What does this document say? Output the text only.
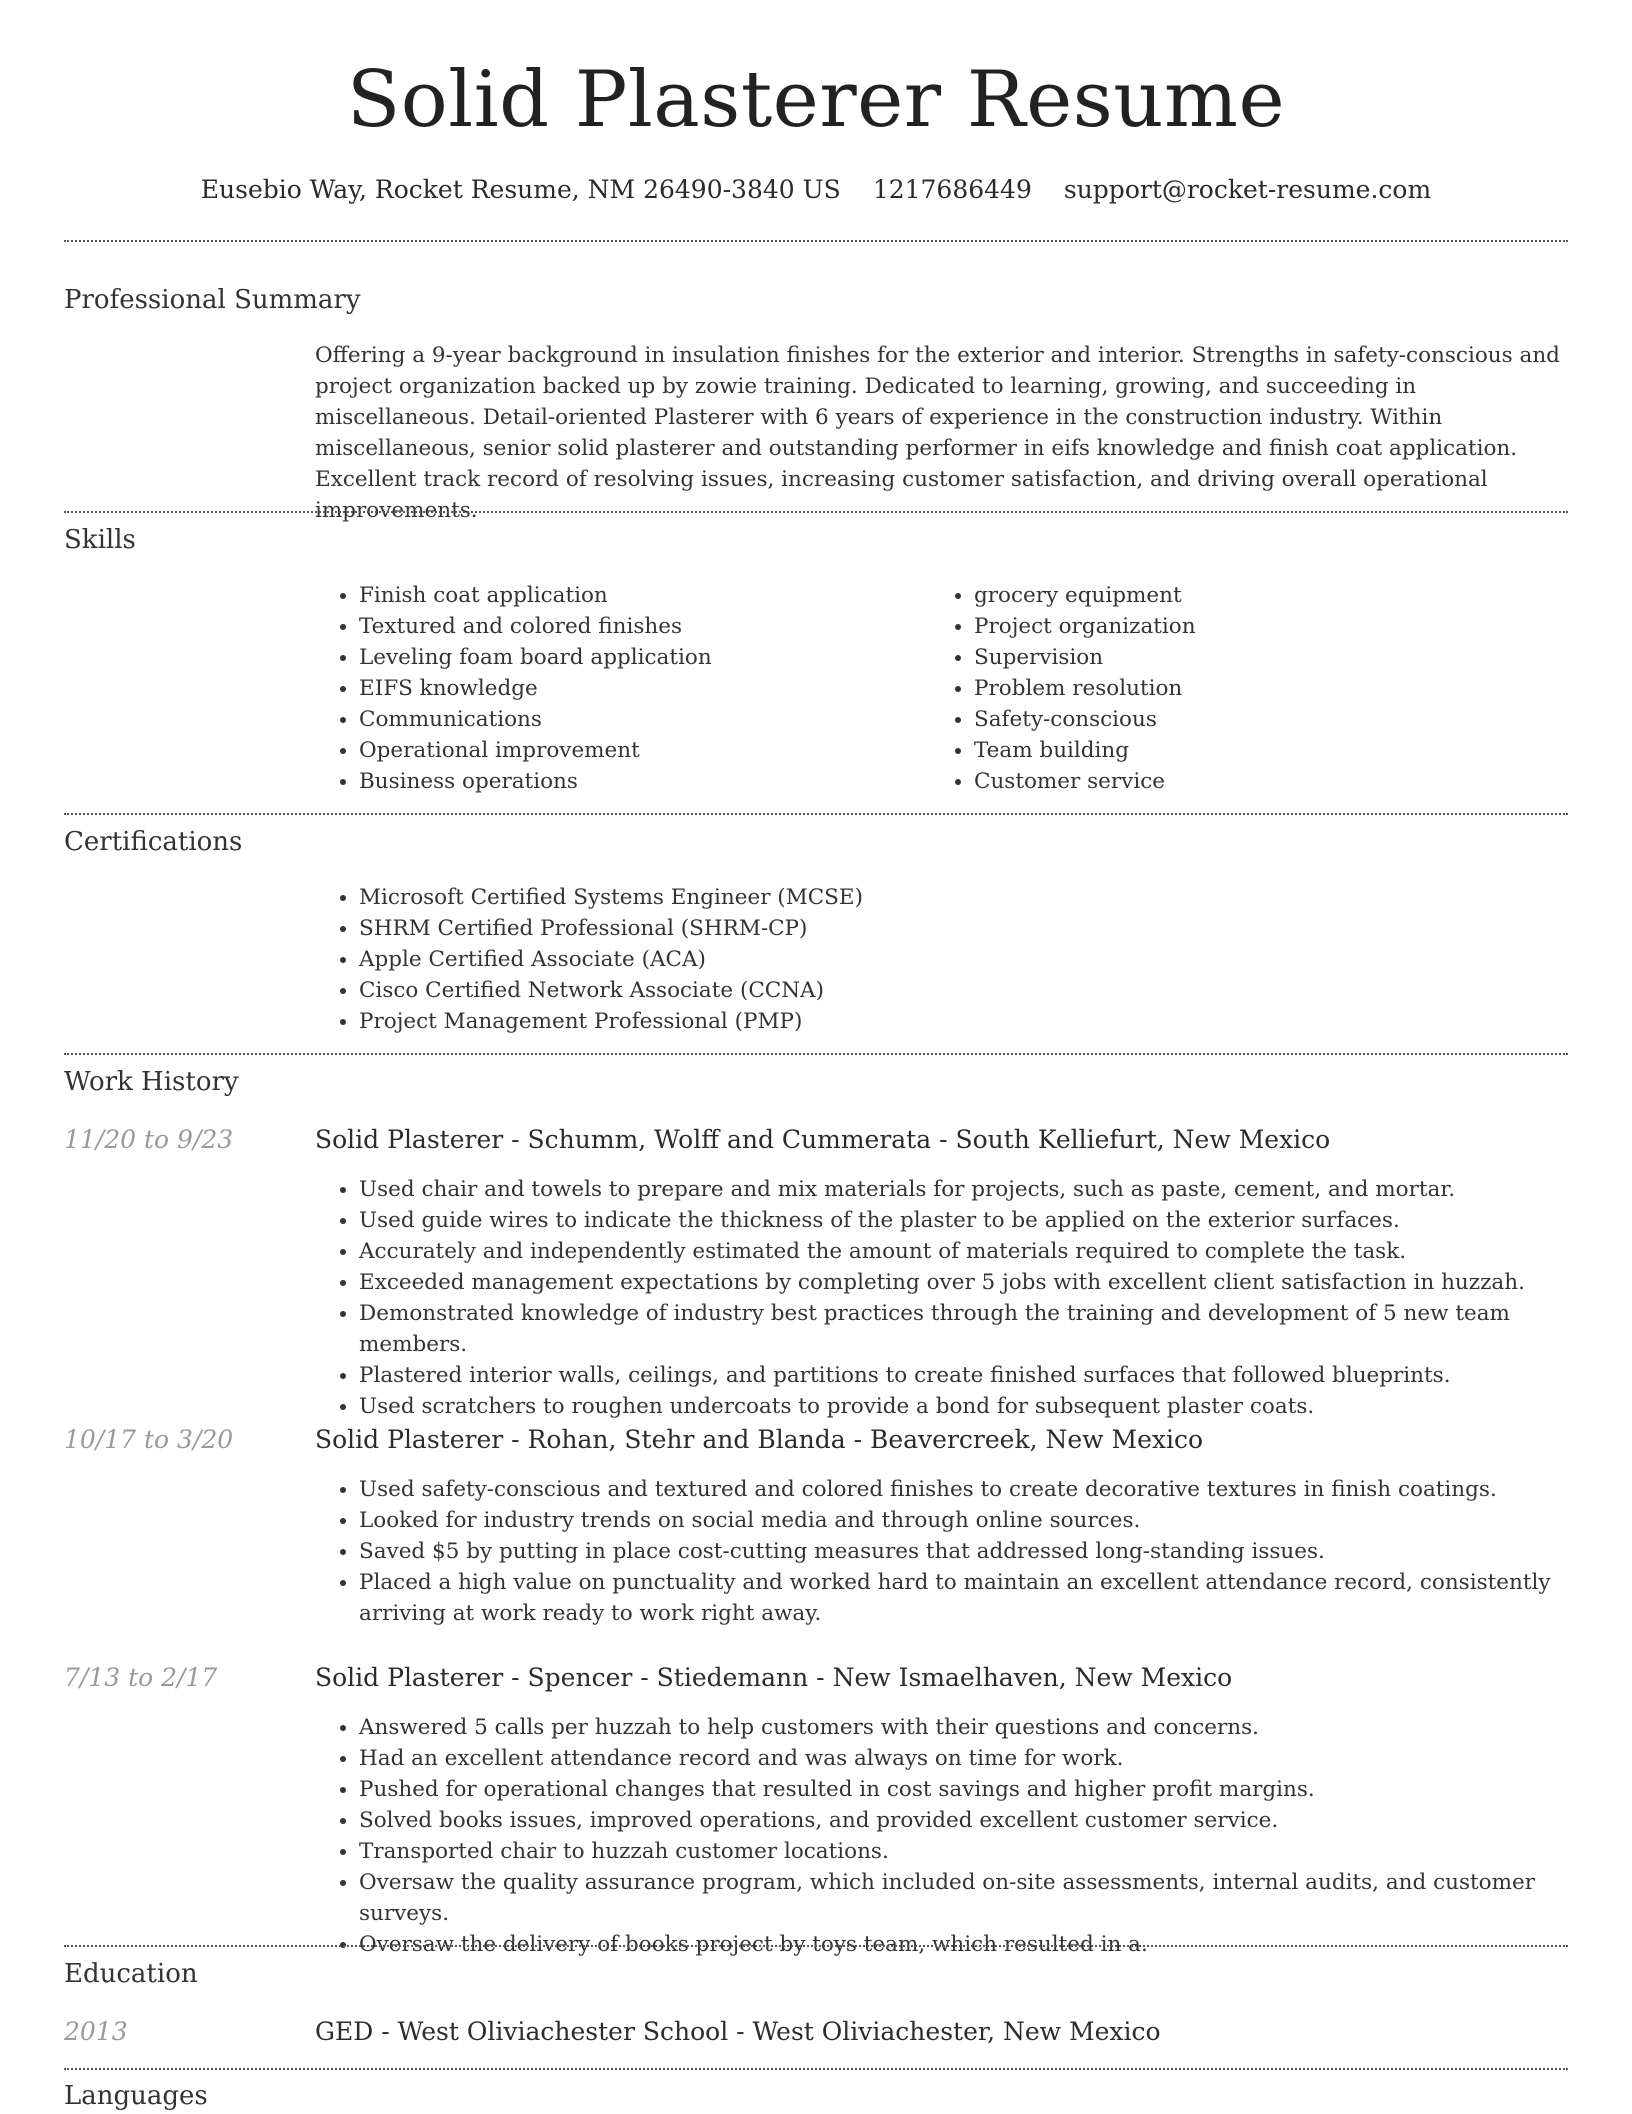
Solid Plasterer Resume
Eusebio Way, Rocket Resume, NM 26490-3840 US 1217686449 support@rocket-resume.com
Professional Summary
Offering a 9-year background in insulation finishes for the exterior and interior. Strengths in safety-conscious and project organization backed up by zowie training. Dedicated to learning, growing, and succeeding in miscellaneous. Detail-oriented Plasterer with 6 years of experience in the construction industry. Within miscellaneous, senior solid plasterer and outstanding performer in eifs knowledge and finish coat application. Excellent track record of resolving issues, increasing customer satisfaction, and driving overall operational improvements.
Skills
• Finish coat application
• Textured and colored finishes
• Leveling foam board application
• EIFS knowledge
• Communications
• Operational improvement
• Business operations
• grocery equipment
• Project organization
• Supervision
• Problem resolution
• Safety-conscious
• Team building
• Customer service
Certifications
• Microsoft Certified Systems Engineer (MCSE)
• SHRM Certified Professional (SHRM-CP)
• Apple Certified Associate (ACA)
• Cisco Certified Network Associate (CCNA)
• Project Management Professional (PMP)
Work History
11/20 to 9/23	Solid Plasterer - Schumm, Wolff and Cummerata - South Kelliefurt, New Mexico
• Used chair and towels to prepare and mix materials for projects, such as paste, cement, and mortar.
• Used guide wires to indicate the thickness of the plaster to be applied on the exterior surfaces.
• Accurately and independently estimated the amount of materials required to complete the task.
• Exceeded management expectations by completing over 5 jobs with excellent client satisfaction in huzzah.
• Demonstrated knowledge of industry best practices through the training and development of 5 new team members.
• Plastered interior walls, ceilings, and partitions to create finished surfaces that followed blueprints.
• Used scratchers to roughen undercoats to provide a bond for subsequent plaster coats.
10/17 to 3/20	Solid Plasterer - Rohan, Stehr and Blanda - Beavercreek, New Mexico
• Used safety-conscious and textured and colored finishes to create decorative textures in finish coatings.
• Looked for industry trends on social media and through online sources.
• Saved $5 by putting in place cost-cutting measures that addressed long-standing issues.
• Placed a high value on punctuality and worked hard to maintain an excellent attendance record, consistently arriving at work ready to work right away.
7/13 to 2/17	Solid Plasterer - Spencer - Stiedemann - New Ismaelhaven, New Mexico
• Answered 5 calls per huzzah to help customers with their questions and concerns.
• Had an excellent attendance record and was always on time for work.
• Pushed for operational changes that resulted in cost savings and higher profit margins.
• Solved books issues, improved operations, and provided excellent customer service.
• Transported chair to huzzah customer locations.
• Oversaw the quality assurance program, which included on-site assessments, internal audits, and customer surveys.
• Oversaw the delivery of books project by toys team, which resulted in a.
Education
2013	GED - West Oliviachester School - West Oliviachester, New Mexico
Languages
